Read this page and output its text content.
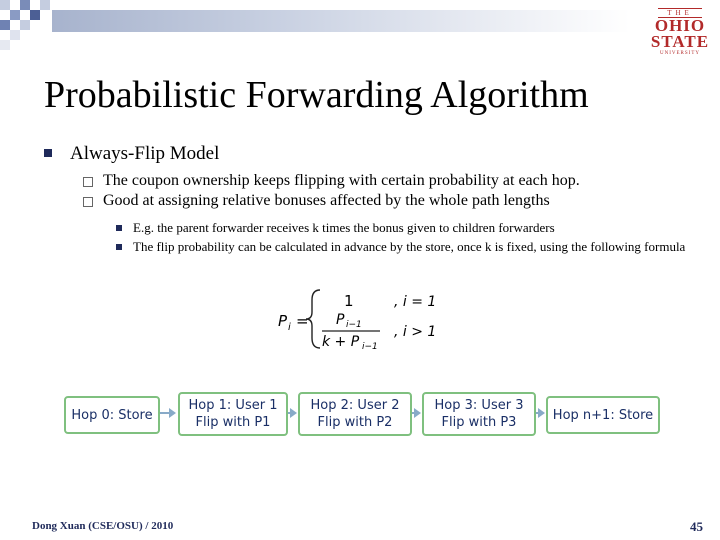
THE
OHIO
STATE
UNIVERSITY
Probabilistic Forwarding Algorithm
Always-Flip Model
The coupon ownership keeps flipping with certain probability at each hop.
Good at assigning relative bonuses affected by the whole path lengths
E.g. the parent forwarder receives k times the bonus given to children forwarders
The flip probability can be calculated in advance by the store, once k is fixed, using the following formula
P i =
1	, i = 1
P i−1
k + P i−1
, i > 1
Hop 0: Store
Hop 1: User 1
Flip with P1
Hop 2: User 2
Flip with P2
Hop 3: User 3
Flip with P3	Hop n+1: Store
Dong Xuan (CSE/OSU) / 2010	45
